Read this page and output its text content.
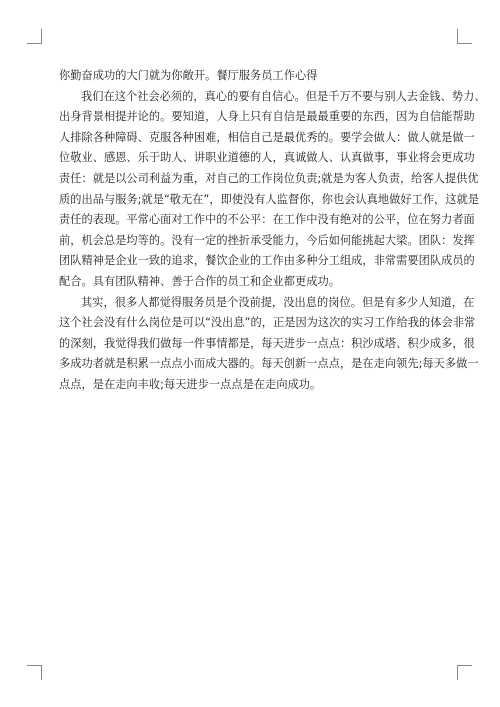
你勤奋成功的大门就为你敞开。餐厅服务员工作心得

我们在这个社会必须的，真心的要有自信心。但是千万不要与别人去金钱、势力、
出身背景相提并论的。要知道，人身上只有自信是最最重要的东西，因为自信能帮助
人排除各种障碍、克服各种困难，相信自己是最优秀的。要学会做人：做人就是做一
位敬业、感恩、乐于助人、讲职业道德的人，真诚做人、认真做事，事业将会更成功
责任：就是以公司利益为重，对自己的工作岗位负责;就是为客人负责，给客人提供优
质的出品与服务;就是“敬无在”，即使没有人监督你，你也会认真地做好工作，这就是
责任的表现。平常心面对工作中的不公平：在工作中没有绝对的公平，位在努力者面
前，机会总是均等的。没有一定的挫折承受能力，今后如何能挑起大梁。团队：发挥
团队精神是企业一致的追求，餐饮企业的工作由多种分工组成，非常需要团队成员的
配合。具有团队精神、善于合作的员工和企业都更成功。

其实，很多人都觉得服务员是个没前提，没出息的岗位。但是有多少人知道，在
这个社会没有什么岗位是可以“没出息”的，正是因为这次的实习工作给我的体会非常
的深刻，我觉得我们做每一件事情都是，每天进步一点点：积沙成塔、积少成多，很
多成功者就是积累一点点小而成大器的。每天创新一点点，是在走向领先;每天多做一
点点，是在走向丰收;每天进步一点点是在走向成功。
